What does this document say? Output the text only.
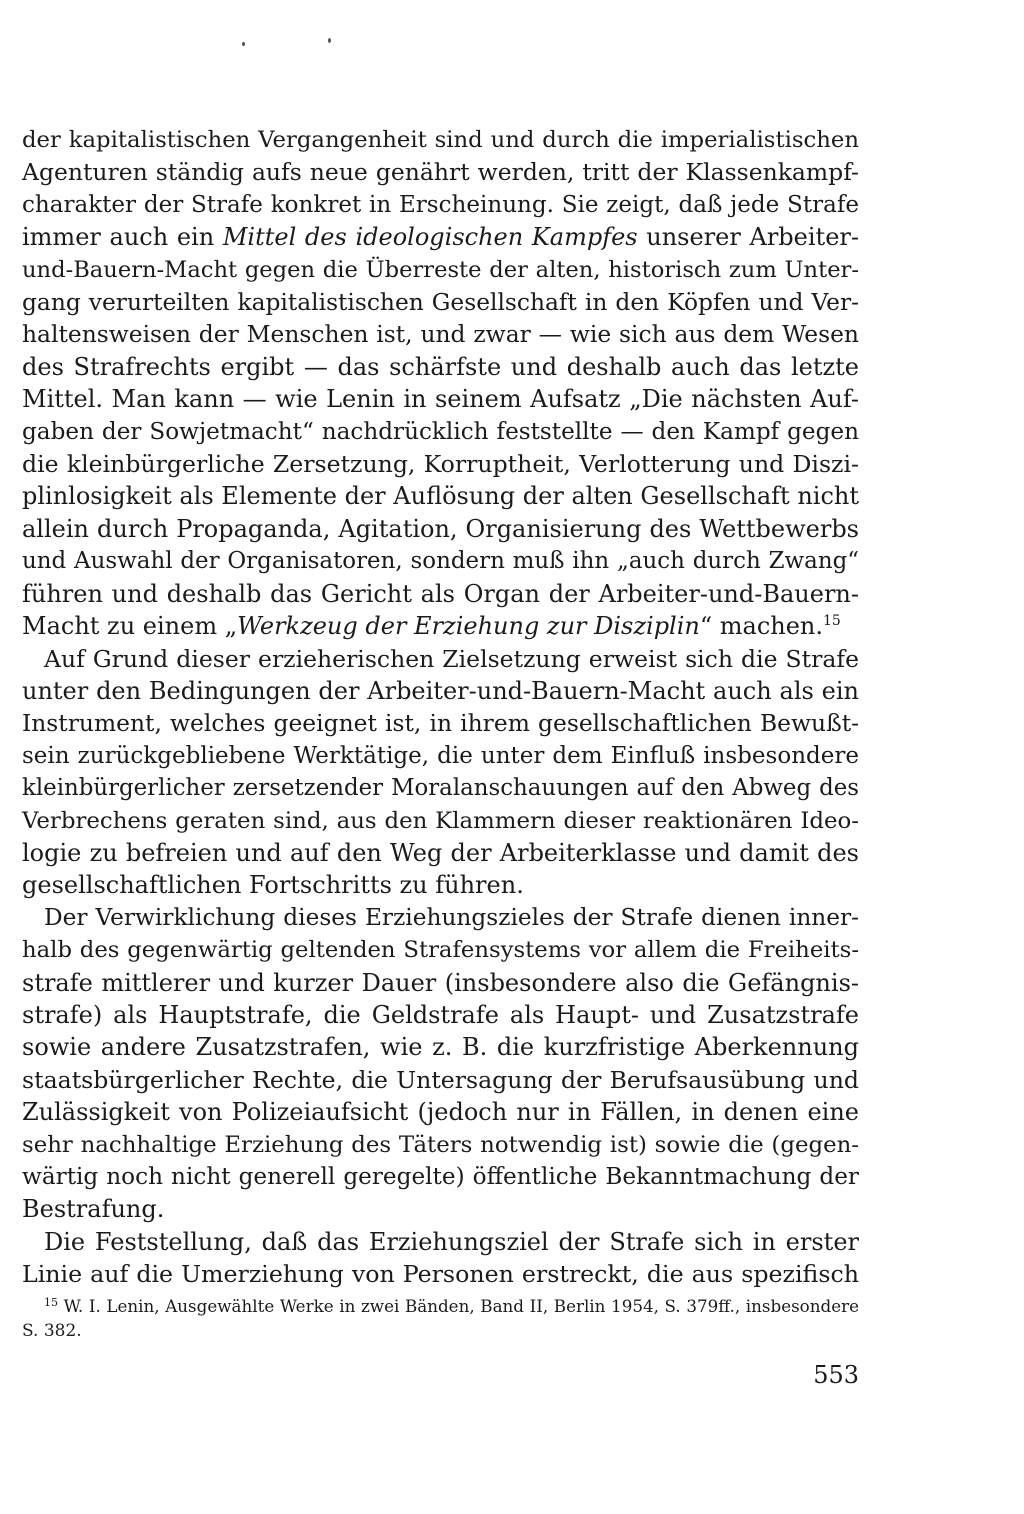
der kapitalistischen Vergangenheit sind und durch die imperialistischen
Agenturen ständig aufs neue genährt werden, tritt der Klassenkampf-
charakter der Strafe konkret in Erscheinung. Sie zeigt, daß jede Strafe
immer auch ein Mittel des ideologischen Kampfes unserer Arbeiter-
und-Bauern-Macht gegen die Überreste der alten, historisch zum Unter-
gang verurteilten kapitalistischen Gesellschaft in den Köpfen und Ver-
haltensweisen der Menschen ist, und zwar — wie sich aus dem Wesen
des Strafrechts ergibt — das schärfste und deshalb auch das letzte
Mittel. Man kann — wie Lenin in seinem Aufsatz „Die nächsten Auf-
gaben der Sowjetmacht“ nachdrücklich feststellte — den Kampf gegen
die kleinbürgerliche Zersetzung, Korruptheit, Verlotterung und Diszi-
plinlosigkeit als Elemente der Auflösung der alten Gesellschaft nicht
allein durch Propaganda, Agitation, Organisierung des Wettbewerbs
und Auswahl der Organisatoren, sondern muß ihn „auch durch Zwang“
führen und deshalb das Gericht als Organ der Arbeiter-und-Bauern-
Macht zu einem „Werkzeug der Erziehung zur Disziplin“ machen.$^{15}$

Auf Grund dieser erzieherischen Zielsetzung erweist sich die Strafe
unter den Bedingungen der Arbeiter-und-Bauern-Macht auch als ein
Instrument, welches geeignet ist, in ihrem gesellschaftlichen Bewußt-
sein zurückgebliebene Werktätige, die unter dem Einfluß insbesondere
kleinbürgerlicher zersetzender Moralanschauungen auf den Abweg des
Verbrechens geraten sind, aus den Klammern dieser reaktionären Ideo-
logie zu befreien und auf den Weg der Arbeiterklasse und damit des
gesellschaftlichen Fortschritts zu führen.

Der Verwirklichung dieses Erziehungszieles der Strafe dienen inner-
halb des gegenwärtig geltenden Strafensystems vor allem die Freiheits-
strafe mittlerer und kurzer Dauer (insbesondere also die Gefängnis-
strafe) als Hauptstrafe, die Geldstrafe als Haupt- und Zusatzstrafe
sowie andere Zusatzstrafen, wie z. B. die kurzfristige Aberkennung
staatsbürgerlicher Rechte, die Untersagung der Berufsausübung und
Zulässigkeit von Polizeiaufsicht (jedoch nur in Fällen, in denen eine
sehr nachhaltige Erziehung des Täters notwendig ist) sowie die (gegen-
wärtig noch nicht generell geregelte) öffentliche Bekanntmachung der
Bestrafung.

Die Feststellung, daß das Erziehungsziel der Strafe sich in erster
Linie auf die Umerziehung von Personen erstreckt, die aus spezifisch

$^{15}$ W. I. Lenin, Ausgewählte Werke in zwei Bänden, Band II, Berlin 1954, S. 379ff., insbesondere
S. 382.
553
